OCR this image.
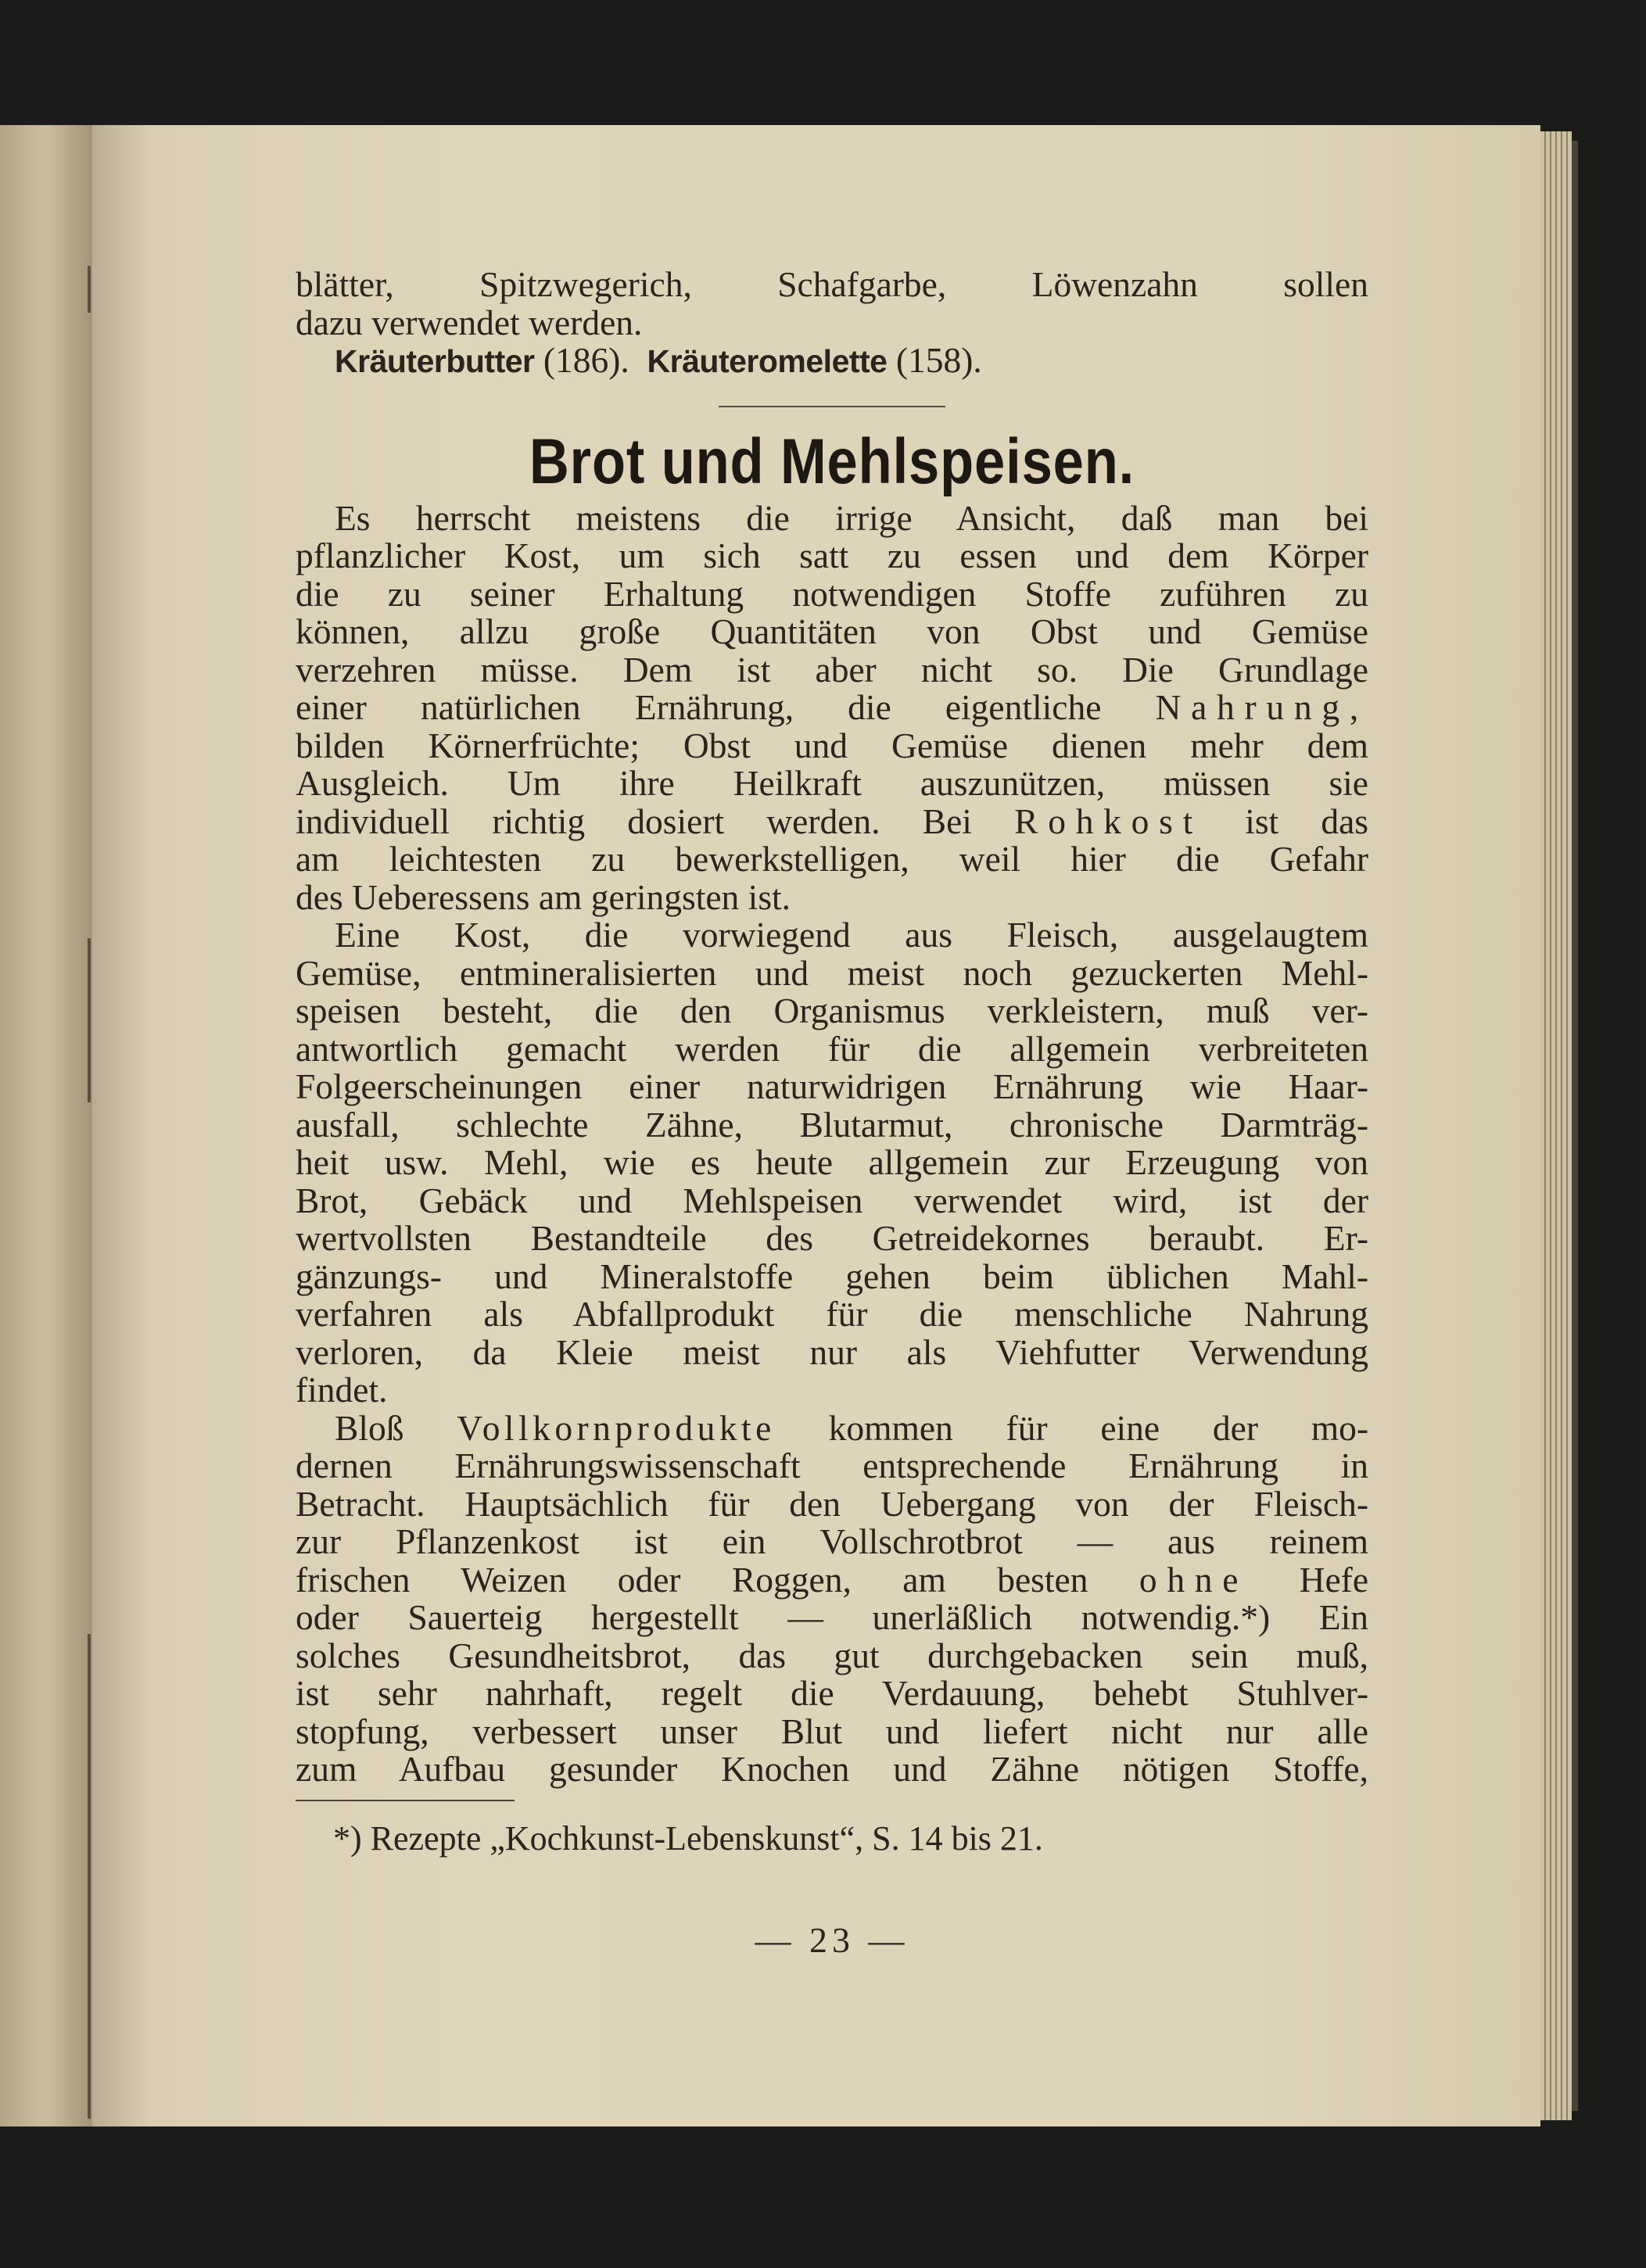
blätter, Spitzwegerich, Schafgarbe, Löwenzahn sollen
dazu verwendet werden.
Kräuterbutter (186). Kräuteromelette (158).
Brot und Mehlspeisen.
Es herrscht meistens die irrige Ansicht, daß man bei
pflanzlicher Kost, um sich satt zu essen und dem Körper
die zu seiner Erhaltung notwendigen Stoffe zuführen zu
können, allzu große Quantitäten von Obst und Gemüse
verzehren müsse. Dem ist aber nicht so. Die Grundlage
einer natürlichen Ernährung, die eigentliche Nahrung,
bilden Körnerfrüchte; Obst und Gemüse dienen mehr dem
Ausgleich. Um ihre Heilkraft auszunützen, müssen sie
individuell richtig dosiert werden. Bei Rohkost ist das
am leichtesten zu bewerkstelligen, weil hier die Gefahr
des Ueberessens am geringsten ist.
Eine Kost, die vorwiegend aus Fleisch, ausgelaugtem
Gemüse, entmineralisierten und meist noch gezuckerten Mehl-
speisen besteht, die den Organismus verkleistern, muß ver-
antwortlich gemacht werden für die allgemein verbreiteten
Folgeerscheinungen einer naturwidrigen Ernährung wie Haar-
ausfall, schlechte Zähne, Blutarmut, chronische Darmträg-
heit usw. Mehl, wie es heute allgemein zur Erzeugung von
Brot, Gebäck und Mehlspeisen verwendet wird, ist der
wertvollsten Bestandteile des Getreidekornes beraubt. Er-
gänzungs- und Mineralstoffe gehen beim üblichen Mahl-
verfahren als Abfallprodukt für die menschliche Nahrung
verloren, da Kleie meist nur als Viehfutter Verwendung
findet.
Bloß Vollkornprodukte kommen für eine der mo-
dernen Ernährungswissenschaft entsprechende Ernährung in
Betracht. Hauptsächlich für den Uebergang von der Fleisch-
zur Pflanzenkost ist ein Vollschrotbrot — aus reinem
frischen Weizen oder Roggen, am besten ohne Hefe
oder Sauerteig hergestellt — unerläßlich notwendig.*) Ein
solches Gesundheitsbrot, das gut durchgebacken sein muß,
ist sehr nahrhaft, regelt die Verdauung, behebt Stuhlver-
stopfung, verbessert unser Blut und liefert nicht nur alle
zum Aufbau gesunder Knochen und Zähne nötigen Stoffe,
*) Rezepte „Kochkunst-Lebenskunst“, S. 14 bis 21.
— 23 —
